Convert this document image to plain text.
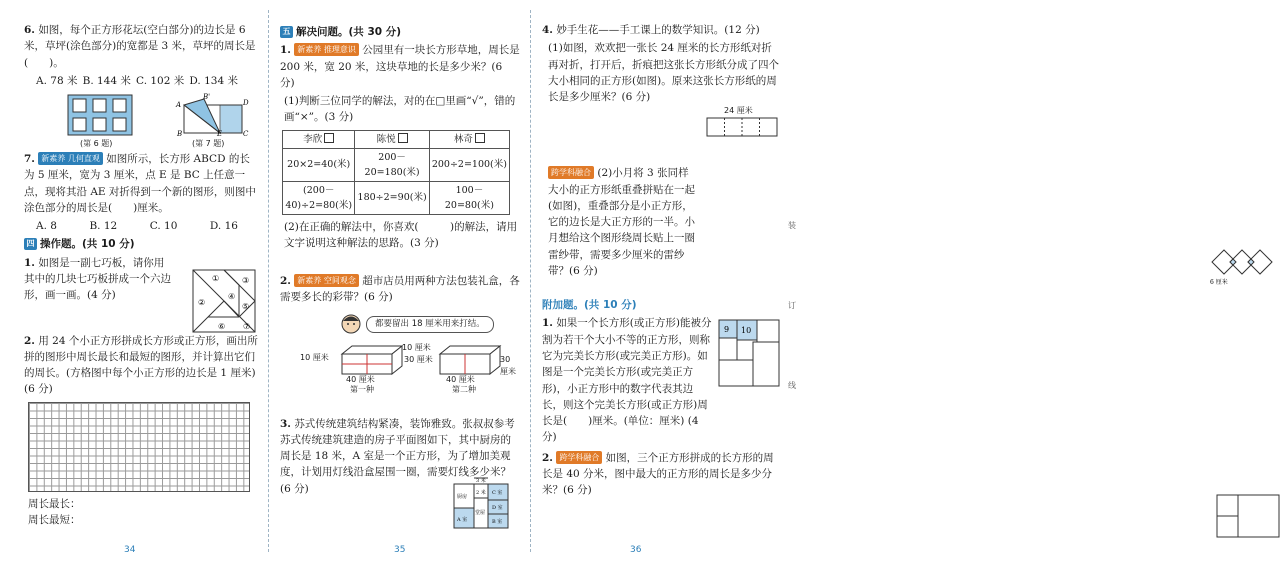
6. 如图，每个正方形花坛(空白部分)的边长是 6 米，草坪(涂色部分)的宽都是 3 米，草坪的周长是(　　)。
A. 78 米 B. 144 米 C. 102 米 D. 134 米
(第 6 题)
A
B'
D
B	E	C
(第 7 题)
7. 新素养 几何直观 如图所示，长方形 ABCD 的长为 5 厘米，宽为 3 厘米，点 E 是 BC 上任意一点，现将其沿 AE 对折得到一个新的图形，则图中涂色部分的周长是(　　)厘米。
A. 8	B. 12	C. 10	D. 16
四 操作题。(共 10 分)
1. 如图是一副七巧板，请你用其中的几块七巧板拼成一个六边形，画一画。(4 分)
①
②
③
④
⑤
⑥ ⑦
2. 用 24 个小正方形拼成长方形或正方形，画出所拼的图形中周长最长和最短的图形，并计算出它们的周长。(方格图中每个小正方形的边长是 1 厘米) (6 分)
周长最长：
周长最短：
34
五 解决问题。(共 30 分)
1. 新素养 推理意识 公园里有一块长方形草地，周长是 200 米，宽 20 米，这块草地的长是多少米？(6 分)
(1)判断三位同学的解法，对的在□里画“√”，错的画“×”。(3 分)
李欣	陈悦	林奇
20×2=40(米)	200－20=180(米)	200÷2=100(米)
(200－40)÷2=80(米)	180÷2=90(米)	100－20=80(米)
(2)在正确的解法中，你喜欢(　　　)的解法，请用文字说明这种解法的思路。(3 分)
2. 新素养 空间观念 超市店员用两种方法包装礼盒，各需要多长的彩带？(6 分)
都要留出 18 厘米用来打结。
10 厘米	30 厘米
40 厘米
10 厘米
30 厘米
40 厘米
第一种	第二种
3. 苏式传统建筑结构紧凑，装饰雅致。张叔叔参考苏式传统建筑建造的房子平面图如下，其中厨房的周长是 18 米，A 室是一个正方形，为了增加美观度，计划用灯线沿盒屋围一圈，需要灯线多少米？(6 分)
3 米
2 米 C 室
厨房
堂屋
D 室
A 室	B 室
35
4. 妙手生花——手工课上的数学知识。(12 分)
(1)如图，欢欢把一张长 24 厘米的长方形纸对折再对折，打开后，折痕把这张长方形纸分成了四个大小相同的正方形(如图)。原来这张长方形纸的周长是多少厘米？(6 分)
24 厘米
跨学科融合 (2)小月将 3 张同样大小的正方形纸重叠拼贴在一起(如图)，重叠部分是小正方形，它的边长是大正方形的一半。小月想给这个图形绕周长贴上一圈雷纱带，需要多少厘米的雷纱带？(6 分)
6 厘米
附加题。(共 10 分)
1. 如果一个长方形(或正方形)能被分割为若干个大小不等的正方形，则称它为完美长方形(或完美正方形)。如图是一个完美长方形(或完美正方形)，小正方形中的数字代表其边长，则这个完美长方形(或正方形)周长是(　　)厘米。(单位：厘米) (4 分)
9 10
2. 跨学科融合 如图，三个正方形拼成的长方形的周长是 40 分米，图中最大的正方形的周长是多少分米？(6 分)
装
订
线
36
